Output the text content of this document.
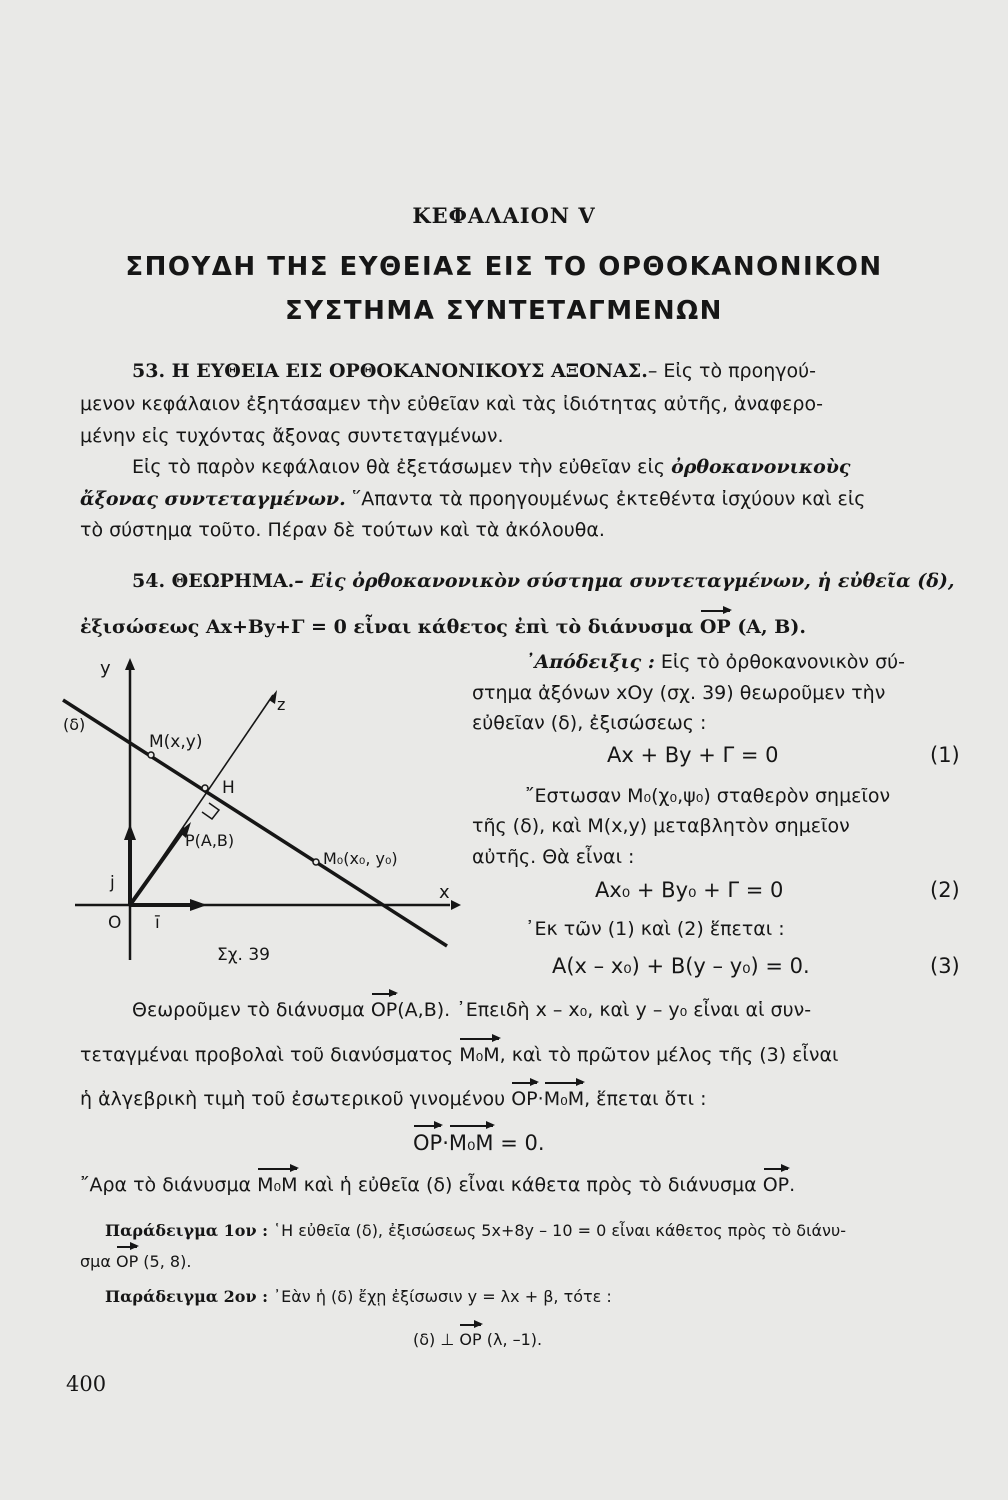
ΚΕΦΑΛΑΙΟΝ V
ΣΠΟΥΔΗ ΤΗΣ ΕΥΘΕΙΑΣ ΕΙΣ ΤΟ ΟΡΘΟΚΑΝΟΝΙΚΟΝ
ΣΥΣΤΗΜΑ ΣΥΝΤΕΤΑΓΜΕΝΩΝ
53. Η ΕΥΘΕΙΑ ΕΙΣ ΟΡΘΟΚΑΝΟΝΙΚΟΥΣ ΑΞΟΝΑΣ.– Εἰς τὸ προηγού-
μενον κεφάλαιον ἐξητάσαμεν τὴν εὐθεῖαν καὶ τὰς ἰδιότητας αὐτῆς, ἀναφερο-
μένην εἰς τυχόντας ἄξονας συντεταγμένων.
Εἰς τὸ παρὸν κεφάλαιον θὰ ἐξετάσωμεν τὴν εὐθεῖαν εἰς ὀρθοκανονικοὺς
ἄξονας συντεταγμένων. ῞Απαντα τὰ προηγουμένως ἐκτεθέντα ἰσχύουν καὶ εἰς
τὸ σύστημα τοῦτο. Πέραν δὲ τούτων καὶ τὰ ἀκόλουθα.
54. ΘΕΩΡΗΜΑ.– Εἰς ὀρθοκανονικὸν σύστημα συντεταγμένων, ἡ εὐθεῖα (δ),
ἐξισώσεως Αx+Βy+Γ = 0 εἶναι κάθετος ἐπὶ τὸ διάνυσμα OP (Α, Β).
᾿Απόδειξις : Εἰς τὸ ὀρθοκανονικὸν σύ-
στημα ἀξόνων xOy (σχ. 39) θεωροῦμεν τὴν
εὐθεῖαν (δ), ἐξισώσεως :
Αx + Βy + Γ = 0	(1)
῎Εστωσαν Μ₀(χ₀,ψ₀) σταθερὸν σημεῖον
τῆς (δ), καὶ Μ(x,y) μεταβλητὸν σημεῖον
αὐτῆς. Θὰ εἶναι :
Αx₀ + Βy₀ + Γ = 0	(2)
᾿Εκ τῶν (1) καὶ (2) ἕπεται :
Α(x – x₀) + Β(y – y₀) = 0.	(3)
y
x
z
(δ)
Μ(x,y)
Η
Ρ(Α,Β)
Μ₀(x₀, y₀)
O ī
j
Σχ. 39
Θεωροῦμεν τὸ διάνυσμα OP(Α,Β). ᾿Επειδὴ x – x₀, καὶ y – y₀ εἶναι αἱ συν-
τεταγμέναι προβολαὶ τοῦ διανύσματος Μ₀Μ, καὶ τὸ πρῶτον μέλος τῆς (3) εἶναι
ἡ ἀλγεβρικὴ τιμὴ τοῦ ἐσωτερικοῦ γινομένου OP·Μ₀Μ, ἕπεται ὅτι :
OP·Μ₀Μ = 0.
῎Αρα τὸ διάνυσμα Μ₀Μ καὶ ἡ εὐθεῖα (δ) εἶναι κάθετα πρὸς τὸ διάνυσμα OP.
Παράδειγμα 1ον : ῾Η εὐθεῖα (δ), ἐξισώσεως 5x+8y – 10 = 0 εἶναι κάθετος πρὸς τὸ διάνυ-
σμα OP (5, 8).
Παράδειγμα 2ον : ᾿Εὰν ἡ (δ) ἔχῃ ἐξίσωσιν y = λx + β, τότε :
(δ) ⊥ OP (λ, –1).
400
